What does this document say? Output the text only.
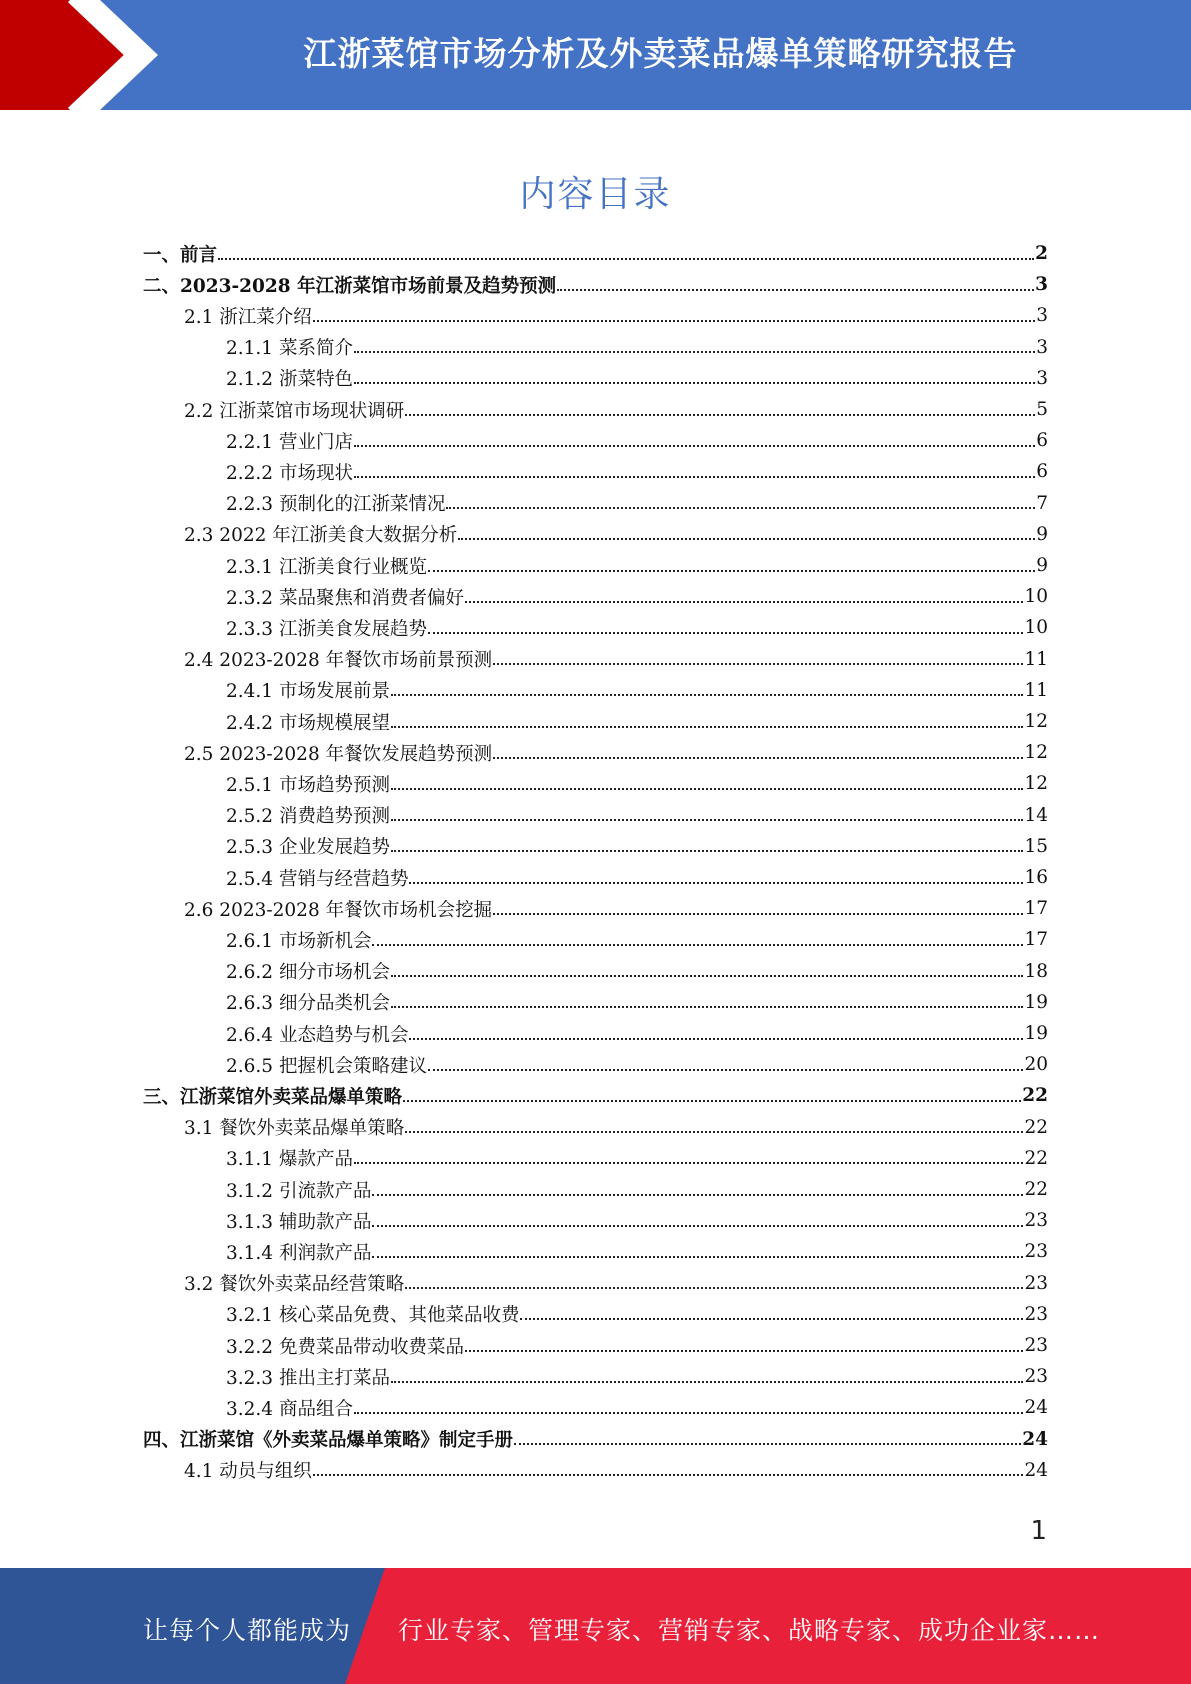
江浙菜馆市场分析及外卖菜品爆单策略研究报告
内容目录
一、前言	2
二、2023-2028 年江浙菜馆市场前景及趋势预测	3
2.1 浙江菜介绍	3
2.1.1 菜系简介	3
2.1.2 浙菜特色	3
2.2 江浙菜馆市场现状调研	5
2.2.1 营业门店	6
2.2.2 市场现状	6
2.2.3 预制化的江浙菜情况	7
2.3 2022 年江浙美食大数据分析	9
2.3.1 江浙美食行业概览	9
2.3.2 菜品聚焦和消费者偏好	10
2.3.3 江浙美食发展趋势	10
2.4 2023-2028 年餐饮市场前景预测	11
2.4.1 市场发展前景	11
2.4.2 市场规模展望	12
2.5 2023-2028 年餐饮发展趋势预测	12
2.5.1 市场趋势预测	12
2.5.2 消费趋势预测	14
2.5.3 企业发展趋势	15
2.5.4 营销与经营趋势	16
2.6 2023-2028 年餐饮市场机会挖掘	17
2.6.1 市场新机会	17
2.6.2 细分市场机会	18
2.6.3 细分品类机会	19
2.6.4 业态趋势与机会	19
2.6.5 把握机会策略建议	20
三、江浙菜馆外卖菜品爆单策略	22
3.1 餐饮外卖菜品爆单策略	22
3.1.1 爆款产品	22
3.1.2 引流款产品	22
3.1.3 辅助款产品	23
3.1.4 利润款产品	23
3.2 餐饮外卖菜品经营策略	23
3.2.1 核心菜品免费、其他菜品收费	23
3.2.2 免费菜品带动收费菜品	23
3.2.3 推出主打菜品	23
3.2.4 商品组合	24
四、江浙菜馆《外卖菜品爆单策略》制定手册	24
4.1 动员与组织	24
1
让每个人都能成为 行业专家、管理专家、营销专家、战略专家、成功企业家……
